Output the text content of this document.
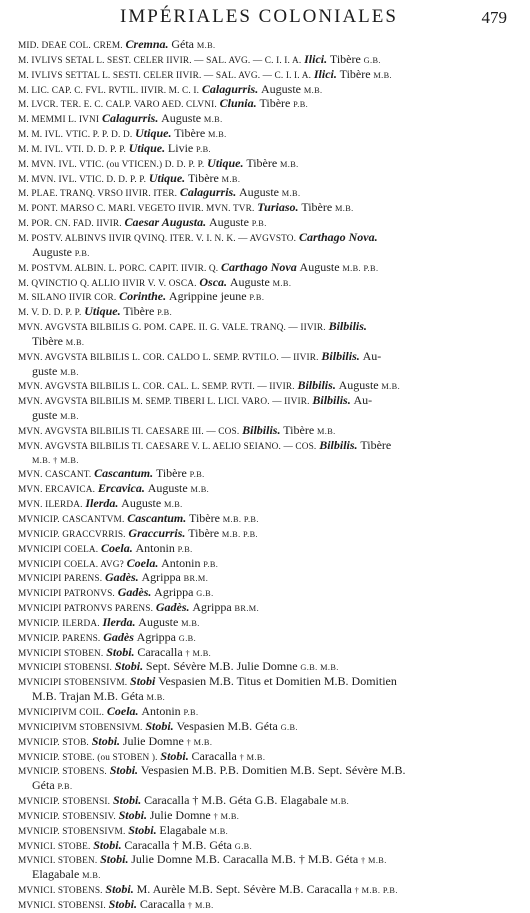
IMPÉRIALES COLONIALES	479
MID. DEAE COL. CREM. Cremna. Géta M.B.
M. IVLIVS SETAL L. SEST. CELER IIVIR. — SAL. AVG. — C. I. I. A. Ilici. Tibère G.B.
M. IVLIVS SETTAL L. SESTI. CELER IIVIR. — SAL. AVG. — C. I. I. A. Ilici. Tibère M.B.
M. LIC. CAP. C. FVL. RVTIL. IIVIR. M. C. I. Calagurris. Auguste M.B.
M. LVCR. TER. E. C. CALP. VARO AED. CLVNI. Clunia. Tibère P.B.
M. MEMMI L. IVNI Calagurris. Auguste M.B.
M. M. IVL. VTIC. P. P. D. D. Utique. Tibère M.B.
M. M. IVL. VTI. D. D. P. P. Utique. Livie P.B.
M. MVN. IVL. VTIC. (ou VTICEN.) D. D. P. P. Utique. Tibère M.B.
M. MVN. IVL. VTIC. D. D. P. P. Utique. Tibère M.B.
M. PLAE. TRANQ. VRSO IIVIR. ITER. Calagurris. Auguste M.B.
M. PONT. MARSO C. MARI. VEGETO IIVIR. MVN. TVR. Turiaso. Tibère M.B.
M. POR. CN. FAD. IIVIR. Caesar Augusta. Auguste P.B.
M. POSTV. ALBINVS IIVIR QVINQ. ITER. V. I. N. K. — AVGVSTO. Carthago Nova.
Auguste P.B.
M. POSTVM. ALBIN. L. PORC. CAPIT. IIVIR. Q. Carthago Nova Auguste M.B. P.B.
M. QVINCTIO Q. ALLIO IIVIR V. V. OSCA. Osca. Auguste M.B.
M. SILANO IIVIR COR. Corinthe. Agrippine jeune P.B.
M. V. D. D. P. P. Utique. Tibère P.B.
MVN. AVGVSTA BILBILIS G. POM. CAPE. II. G. VALE. TRANQ. — IIVIR. Bilbilis.
Tibère M.B.
MVN. AVGVSTA BILBILIS L. COR. CALDO L. SEMP. RVTILO. — IIVIR. Bilbilis. Au-
guste M.B.
MVN. AVGVSTA BILBILIS L. COR. CAL. L. SEMP. RVTI. — IIVIR. Bilbilis. Auguste M.B.
MVN. AVGVSTA BILBILIS M. SEMP. TIBERI L. LICI. VARO. — IIVIR. Bilbilis. Au-
guste M.B.
MVN. AVGVSTA BILBILIS TI. CAESARE III. — COS. Bilbilis. Tibère M.B.
MVN. AVGVSTA BILBILIS TI. CAESARE V. L. AELIO SEIANO. — COS. Bilbilis. Tibère
M.B. † M.B.
MVN. CASCANT. Cascantum. Tibère P.B.
MVN. ERCAVICA. Ercavica. Auguste M.B.
MVN. ILERDA. Ilerda. Auguste M.B.
MVNICIP. CASCANTVM. Cascantum. Tibère M.B. P.B.
MVNICIP. GRACCVRRIS. Graccurris. Tibère M.B. P.B.
MVNICIPI COELA. Coela. Antonin P.B.
MVNICIPI COELA. AVG? Coela. Antonin P.B.
MVNICIPI PARENS. Gadès. Agrippa BR.M.
MVNICIPI PATRONVS. Gadès. Agrippa G.B.
MVNICIPI PATRONVS PARENS. Gadès. Agrippa BR.M.
MVNICIP. ILERDA. Ilerda. Auguste M.B.
MVNICIP. PARENS. Gadès Agrippa G.B.
MVNICIPI STOBEN. Stobi. Caracalla † M.B.
MVNICIPI STOBENSI. Stobi. Sept. Sévère M.B. Julie Domne G.B. M.B.
MVNICIPI STOBENSIVM. Stobi Vespasien M.B. Titus et Domitien M.B. Domitien
M.B. Trajan M.B. Géta M.B.
MVNICIPIVM COIL. Coela. Antonin P.B.
MVNICIPIVM STOBENSIVM. Stobi. Vespasien M.B. Géta G.B.
MVNICIP. STOB. Stobi. Julie Domne † M.B.
MVNICIP. STOBE. (ou STOBEN ). Stobi. Caracalla † M.B.
MVNICIP. STOBENS. Stobi. Vespasien M.B. P.B. Domitien M.B. Sept. Sévère M.B.
Géta P.B.
MVNICIP. STOBENSI. Stobi. Caracalla † M.B. Géta G.B. Elagabale M.B.
MVNICIP. STOBENSIV. Stobi. Julie Domne † M.B.
MVNICIP. STOBENSIVM. Stobi. Elagabale M.B.
MVNICI. STOBE. Stobi. Caracalla † M.B. Géta G.B.
MVNICI. STOBEN. Stobi. Julie Domne M.B. Caracalla M.B. † M.B. Géta † M.B.
Elagabale M.B.
MVNICI. STOBENS. Stobi. M. Aurèle M.B. Sept. Sévère M.B. Caracalla † M.B. P.B.
MVNICI. STOBENSI. Stobi. Caracalla † M.B.
